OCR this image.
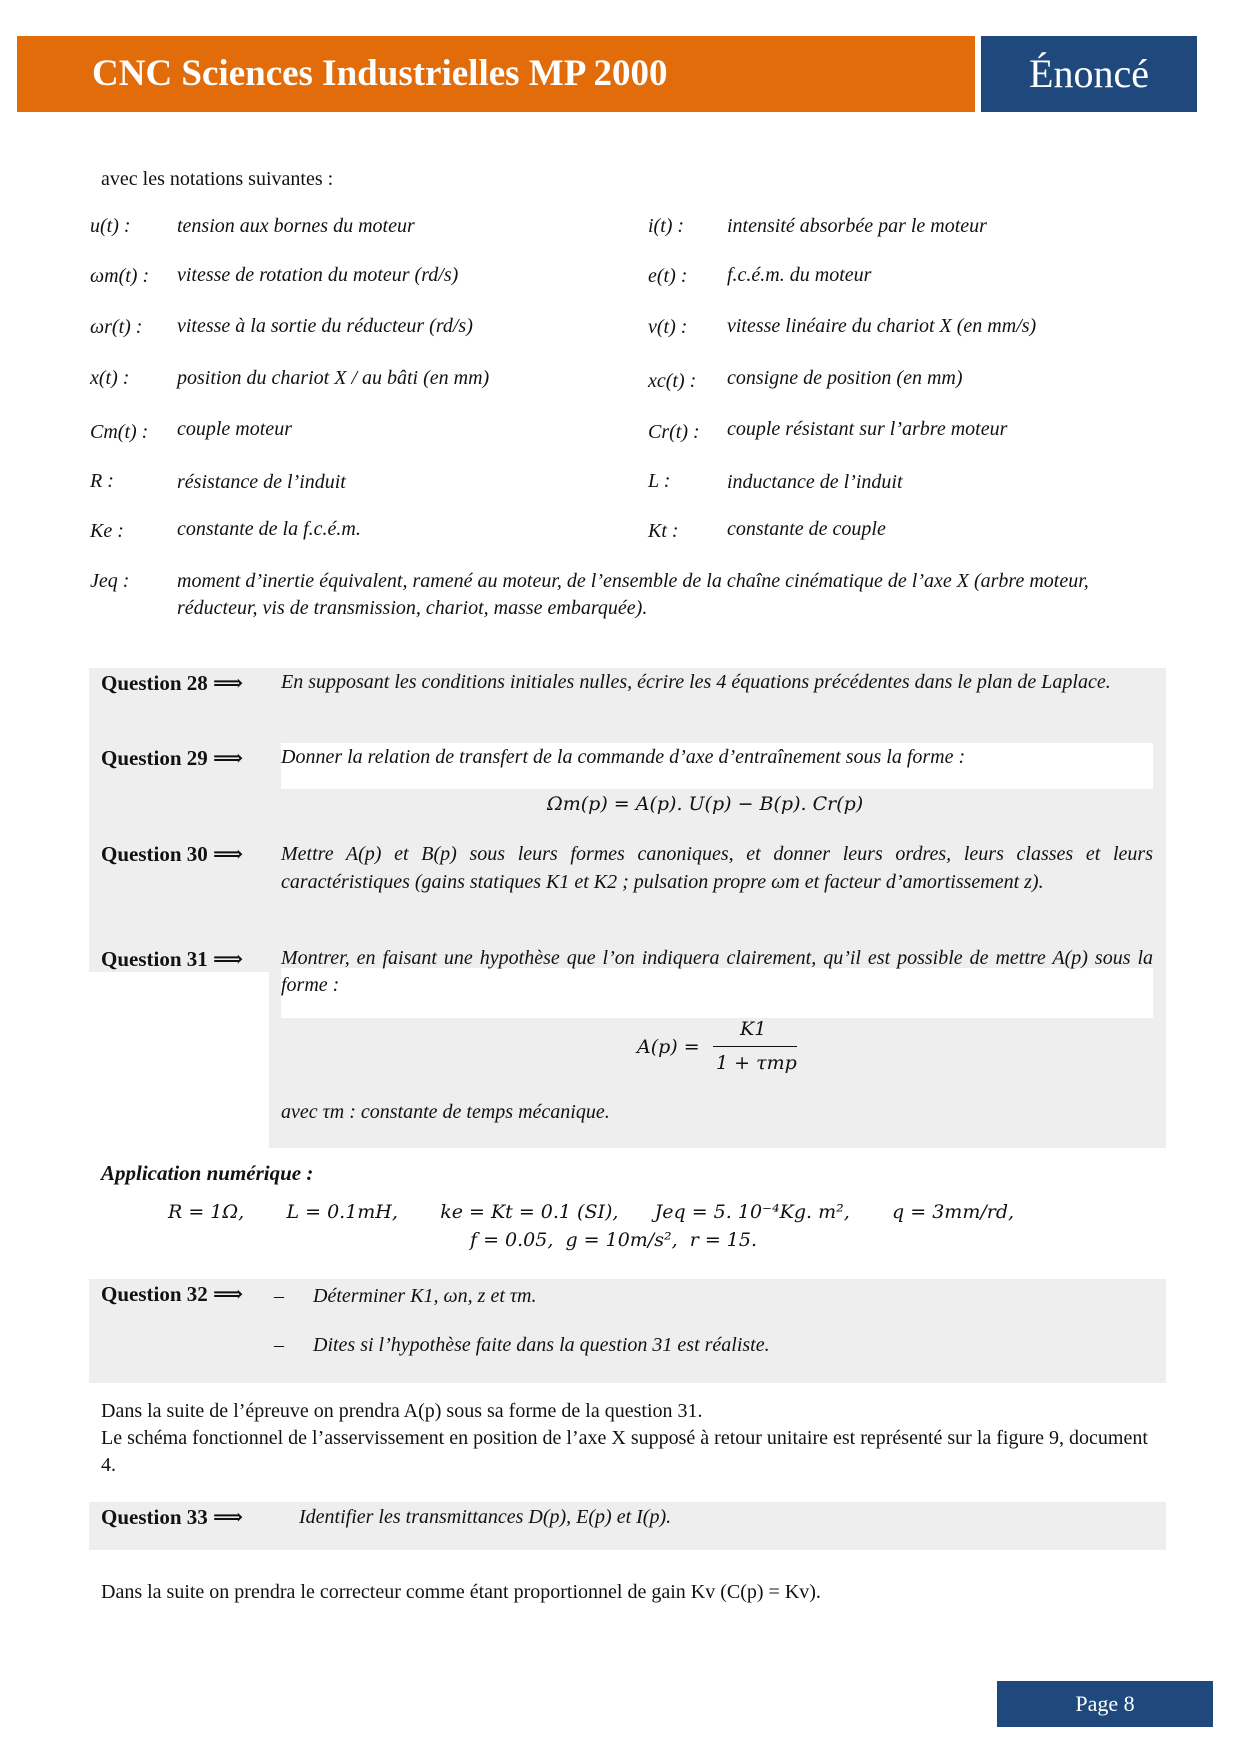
CNC Sciences Industrielles MP 2000	Énoncé
avec les notations suivantes :
u(t) : tension aux bornes du moteur	i(t) : intensité absorbée par le moteur
ωm(t) : vitesse de rotation du moteur (rd/s)	e(t) : f.c.é.m. du moteur
ωr(t) : vitesse à la sortie du réducteur (rd/s)	v(t) : vitesse linéaire du chariot X (en mm/s)
x(t) : position du chariot X / au bâti (en mm)	xc(t) : consigne de position (en mm)
Cm(t) : couple moteur	Cr(t) : couple résistant sur l’arbre moteur
R :	résistance de l’induit	L :	inductance de l’induit
Ke :	constante de la f.c.é.m.	Kt : constante de couple
Jeq : moment d’inertie équivalent, ramené au moteur, de l’ensemble de la chaîne cinématique de l’axe X (arbre moteur, réducteur, vis de transmission, chariot, masse embarquée).
Question 28 ⟹ En supposant les conditions initiales nulles, écrire les 4 équations précédentes dans le plan de Laplace.
Question 29 ⟹ Donner la relation de transfert de la commande d’axe d’entraînement sous la forme :
Ωm(p) = A(p). U(p) − B(p). Cr(p)
Question 30 ⟹ Mettre A(p) et B(p) sous leurs formes canoniques, et donner leurs ordres, leurs classes et leurs caractéristiques (gains statiques K1 et K2 ; pulsation propre ωm et facteur d’amortissement z).
Question 31 ⟹ Montrer, en faisant une hypothèse que l’on indiquera clairement, qu’il est possible de mettre A(p) sous la forme :
A(p) =
K1
1 + τmp
avec τm : constante de temps mécanique.
Application numérique :
R = 1Ω,       L = 0.1mH,       ke = Kt = 0.1 (SI),      Jeq = 5. 10⁻⁴Kg. m²,       q = 3mm/rd,
f = 0.05,  g = 10m/s²,  r = 15.
Question 32 ⟹ – Déterminer K1, ωn, z et τm.
– Dites si l’hypothèse faite dans la question 31 est réaliste.
Dans la suite de l’épreuve on prendra A(p) sous sa forme de la question 31.
Le schéma fonctionnel de l’asservissement en position de l’axe X supposé à retour unitaire est représenté sur la figure 9, document 4.
Question 33 ⟹	Identifier les transmittances D(p), E(p) et I(p).
Dans la suite on prendra le correcteur comme étant proportionnel de gain Kv (C(p) = Kv).
Page 8
